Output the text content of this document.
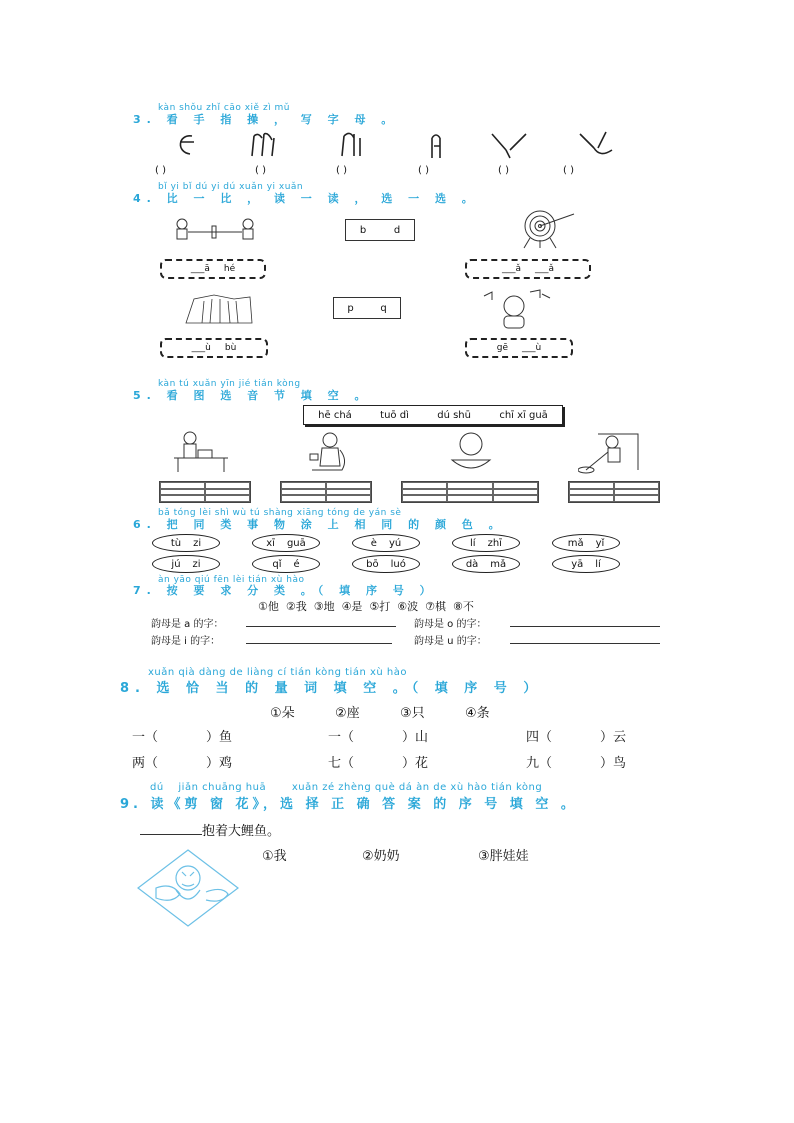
kàn shǒu zhǐ cāo xiě zì mǔ
3. 看 手 指 操 ， 写 字 母 。
( )	( )	( )	( )	( )	( )
bǐ yi bǐ dú yi dú xuǎn yi xuǎn
4. 比 一 比 ， 读 一 读 ， 选 一 选 。
b	d
___ā hé	___ǎ ___ǎ
p	q
___ù bù	gē ___ù
kàn tú xuǎn yīn jié tián kòng
5. 看 图 选 音 节 填 空 。
hē chá	tuō dì	dú shū	chī xī guā
bǎ tóng lèi shì wù tú shàng xiāng tóng de yán sè
6. 把 同 类 事 物 涂 上 相 同 的 颜 色 。
tù zi	xī guā	è yú	lí zhī	mǎ yǐ
jú zi	qǐ é	bō luó	dà mǎ	yā lí
àn yāo qiú fēn lèi tián xù hào
7. 按 要 求 分 类 。（ 填 序 号 ）
①他  ②我  ③地  ④是  ⑤打  ⑥波  ⑦棋  ⑧不
韵母是 a 的字：	韵母是 o 的字：
韵母是 i 的字：	韵母是 u 的字：
xuǎn qià dàng de liàng cí tián kòng tián xù hào
8. 选 恰 当 的 量 词 填 空 。（ 填 序 号 ）
①朵	②座	③只	④条
一（	）鱼	一（	）山	四（	）云
两（	）鸡	七（	）花	九（	）鸟
dú    jiǎn chuāng huā       xuǎn zé zhèng què dá àn de xù hào tián kòng
9. 读《剪 窗 花》，选 择 正 确 答 案 的 序 号 填 空 。
抱着大鲤鱼。
①我	②奶奶	③胖娃娃
